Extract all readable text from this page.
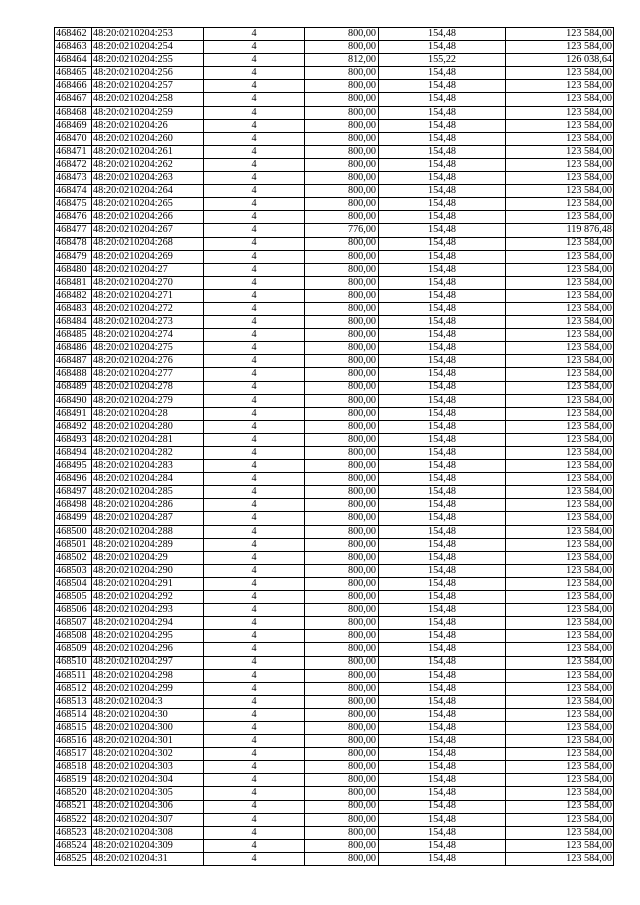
468462	48:20:0210204:253	4	800,00	154,48	123 584,00
468463	48:20:0210204:254	4	800,00	154,48	123 584,00
468464	48:20:0210204:255	4	812,00	155,22	126 038,64
468465	48:20:0210204:256	4	800,00	154,48	123 584,00
468466	48:20:0210204:257	4	800,00	154,48	123 584,00
468467	48:20:0210204:258	4	800,00	154,48	123 584,00
468468	48:20:0210204:259	4	800,00	154,48	123 584,00
468469	48:20:0210204:26	4	800,00	154,48	123 584,00
468470	48:20:0210204:260	4	800,00	154,48	123 584,00
468471	48:20:0210204:261	4	800,00	154,48	123 584,00
468472	48:20:0210204:262	4	800,00	154,48	123 584,00
468473	48:20:0210204:263	4	800,00	154,48	123 584,00
468474	48:20:0210204:264	4	800,00	154,48	123 584,00
468475	48:20:0210204:265	4	800,00	154,48	123 584,00
468476	48:20:0210204:266	4	800,00	154,48	123 584,00
468477	48:20:0210204:267	4	776,00	154,48	119 876,48
468478	48:20:0210204:268	4	800,00	154,48	123 584,00
468479	48:20:0210204:269	4	800,00	154,48	123 584,00
468480	48:20:0210204:27	4	800,00	154,48	123 584,00
468481	48:20:0210204:270	4	800,00	154,48	123 584,00
468482	48:20:0210204:271	4	800,00	154,48	123 584,00
468483	48:20:0210204:272	4	800,00	154,48	123 584,00
468484	48:20:0210204:273	4	800,00	154,48	123 584,00
468485	48:20:0210204:274	4	800,00	154,48	123 584,00
468486	48:20:0210204:275	4	800,00	154,48	123 584,00
468487	48:20:0210204:276	4	800,00	154,48	123 584,00
468488	48:20:0210204:277	4	800,00	154,48	123 584,00
468489	48:20:0210204:278	4	800,00	154,48	123 584,00
468490	48:20:0210204:279	4	800,00	154,48	123 584,00
468491	48:20:0210204:28	4	800,00	154,48	123 584,00
468492	48:20:0210204:280	4	800,00	154,48	123 584,00
468493	48:20:0210204:281	4	800,00	154,48	123 584,00
468494	48:20:0210204:282	4	800,00	154,48	123 584,00
468495	48:20:0210204:283	4	800,00	154,48	123 584,00
468496	48:20:0210204:284	4	800,00	154,48	123 584,00
468497	48:20:0210204:285	4	800,00	154,48	123 584,00
468498	48:20:0210204:286	4	800,00	154,48	123 584,00
468499	48:20:0210204:287	4	800,00	154,48	123 584,00
468500	48:20:0210204:288	4	800,00	154,48	123 584,00
468501	48:20:0210204:289	4	800,00	154,48	123 584,00
468502	48:20:0210204:29	4	800,00	154,48	123 584,00
468503	48:20:0210204:290	4	800,00	154,48	123 584,00
468504	48:20:0210204:291	4	800,00	154,48	123 584,00
468505	48:20:0210204:292	4	800,00	154,48	123 584,00
468506	48:20:0210204:293	4	800,00	154,48	123 584,00
468507	48:20:0210204:294	4	800,00	154,48	123 584,00
468508	48:20:0210204:295	4	800,00	154,48	123 584,00
468509	48:20:0210204:296	4	800,00	154,48	123 584,00
468510	48:20:0210204:297	4	800,00	154,48	123 584,00
468511	48:20:0210204:298	4	800,00	154,48	123 584,00
468512	48:20:0210204:299	4	800,00	154,48	123 584,00
468513	48:20:0210204:3	4	800,00	154,48	123 584,00
468514	48:20:0210204:30	4	800,00	154,48	123 584,00
468515	48:20:0210204:300	4	800,00	154,48	123 584,00
468516	48:20:0210204:301	4	800,00	154,48	123 584,00
468517	48:20:0210204:302	4	800,00	154,48	123 584,00
468518	48:20:0210204:303	4	800,00	154,48	123 584,00
468519	48:20:0210204:304	4	800,00	154,48	123 584,00
468520	48:20:0210204:305	4	800,00	154,48	123 584,00
468521	48:20:0210204:306	4	800,00	154,48	123 584,00
468522	48:20:0210204:307	4	800,00	154,48	123 584,00
468523	48:20:0210204:308	4	800,00	154,48	123 584,00
468524	48:20:0210204:309	4	800,00	154,48	123 584,00
468525	48:20:0210204:31	4	800,00	154,48	123 584,00
